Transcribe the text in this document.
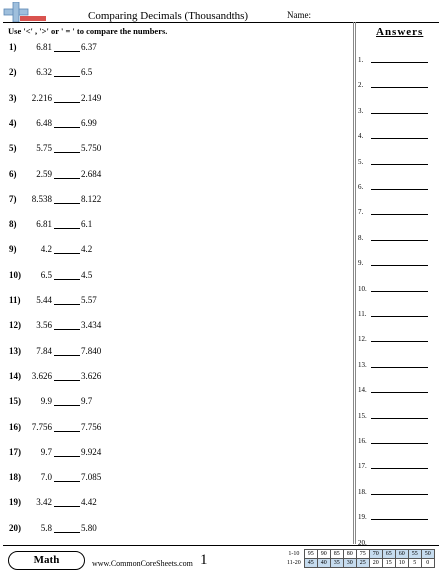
Comparing Decimals (Thousandths)	Name:
Use '<' , '>' or ' = ' to compare the numbers.	Answers
1)	6.81	6.37
2)	6.32	6.5
3)	2.216	2.149
4)	6.48	6.99
5)	5.75	5.750
6)	2.59	2.684
7)	8.538	8.122
8)	6.81	6.1
9)	4.2	4.2
10)	6.5	4.5
11)	5.44	5.57
12)	3.56	3.434
13)	7.84	7.840
14)	3.626	3.626
15)	9.9	9.7
16)	7.756	7.756
17)	9.7	9.924
18)	7.0	7.085
19)	3.42	4.42
20)	5.8	5.80
1.
2.
3.
4.
5.
6.
7.
8.
9.
10.
11.
12.
13.
14.
15.
16.
17.
18.
19.
20.
Math	www.CommonCoreSheets.com 1	1-10	95	90	85	80	75	70	65	60	55	50
11-20	45	40	35	30	25	20	15	10	5	0
